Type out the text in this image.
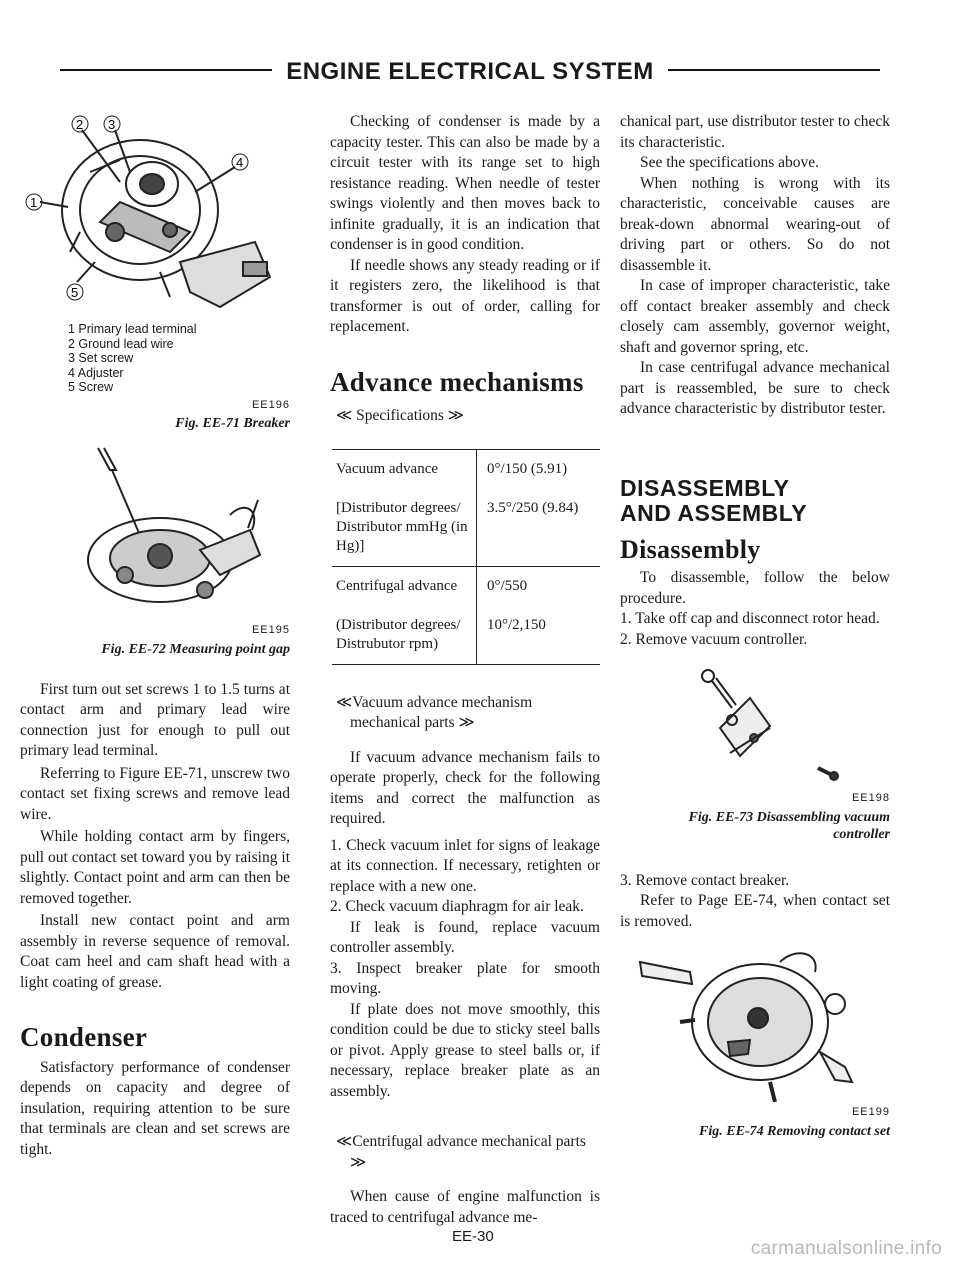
ENGINE ELECTRICAL SYSTEM
2 3
4
1
5
1 Primary lead terminal
2 Ground lead wire
3 Set screw
4 Adjuster
5 Screw
EE196
Fig. EE-71 Breaker
EE195
Fig. EE-72 Measuring point gap

First turn out set screws 1 to 1.5 turns at contact arm and primary lead wire connection just for enough to pull out primary lead terminal.

Referring to Figure EE-71, unscrew two contact set fixing screws and remove lead wire.

While holding contact arm by fingers, pull out contact set toward you by raising it slightly. Contact point and arm can then be removed together.

Install new contact point and arm assembly in reverse sequence of removal. Coat cam heel and cam shaft head with a light coating of grease.

Condenser

Satisfactory performance of condenser depends on capacity and degree of insulation, requiring attention to be sure that terminals are clean and set screws are tight.

Checking of condenser is made by a capacity tester. This can also be made by a circuit tester with its range set to high resistance reading. When needle of tester swings violently and then moves back to infinite gradually, it is an indication that condenser is in good condition.

If needle shows any steady reading or if it registers zero, the likelihood is that transformer is out of order, calling for replacement.

Advance mechanisms
≪ Specifications ≫
Vacuum advance	0°/150 (5.91)
[Distributor degrees/ Distributor mmHg (in Hg)]	3.5°/250 (9.84)
Centrifugal advance	0°/550
(Distributor degrees/ Distrubutor rpm)	10°/2,150
≪Vacuum advance mechanism mechanical parts ≫

If vacuum advance mechanism fails to operate properly, check for the following items and correct the malfunction as required.

1. Check vacuum inlet for signs of leakage at its connection. If necessary, retighten or replace with a new one.

2. Check vacuum diaphragm for air leak.

If leak is found, replace vacuum controller assembly.

3. Inspect breaker plate for smooth moving.

If plate does not move smoothly, this condition could be due to sticky steel balls or pivot. Apply grease to steel balls or, if necessary, replace breaker plate as an assembly.

≪Centrifugal advance mechanical parts ≫

When cause of engine malfunction is traced to centrifugal advance me-

chanical part, use distributor tester to check its characteristic.

See the specifications above.

When nothing is wrong with its characteristic, conceivable causes are break-down abnormal wearing-out of driving part or others. So do not disassemble it.

In case of improper characteristic, take off contact breaker assembly and check closely cam assembly, governor weight, shaft and governor spring, etc.

In case centrifugal advance mechanical part is reassembled, be sure to check advance characteristic by distributor tester.

DISASSEMBLY
AND ASSEMBLY
Disassembly

To disassemble, follow the below procedure.

1. Take off cap and disconnect rotor head.

2. Remove vacuum controller.

EE198
Fig. EE-73 Disassembling vacuum
controller

3. Remove contact breaker.

Refer to Page EE-74, when contact set is removed.

EE199
Fig. EE-74 Removing contact set
EE-30
carmanualsonline.info
